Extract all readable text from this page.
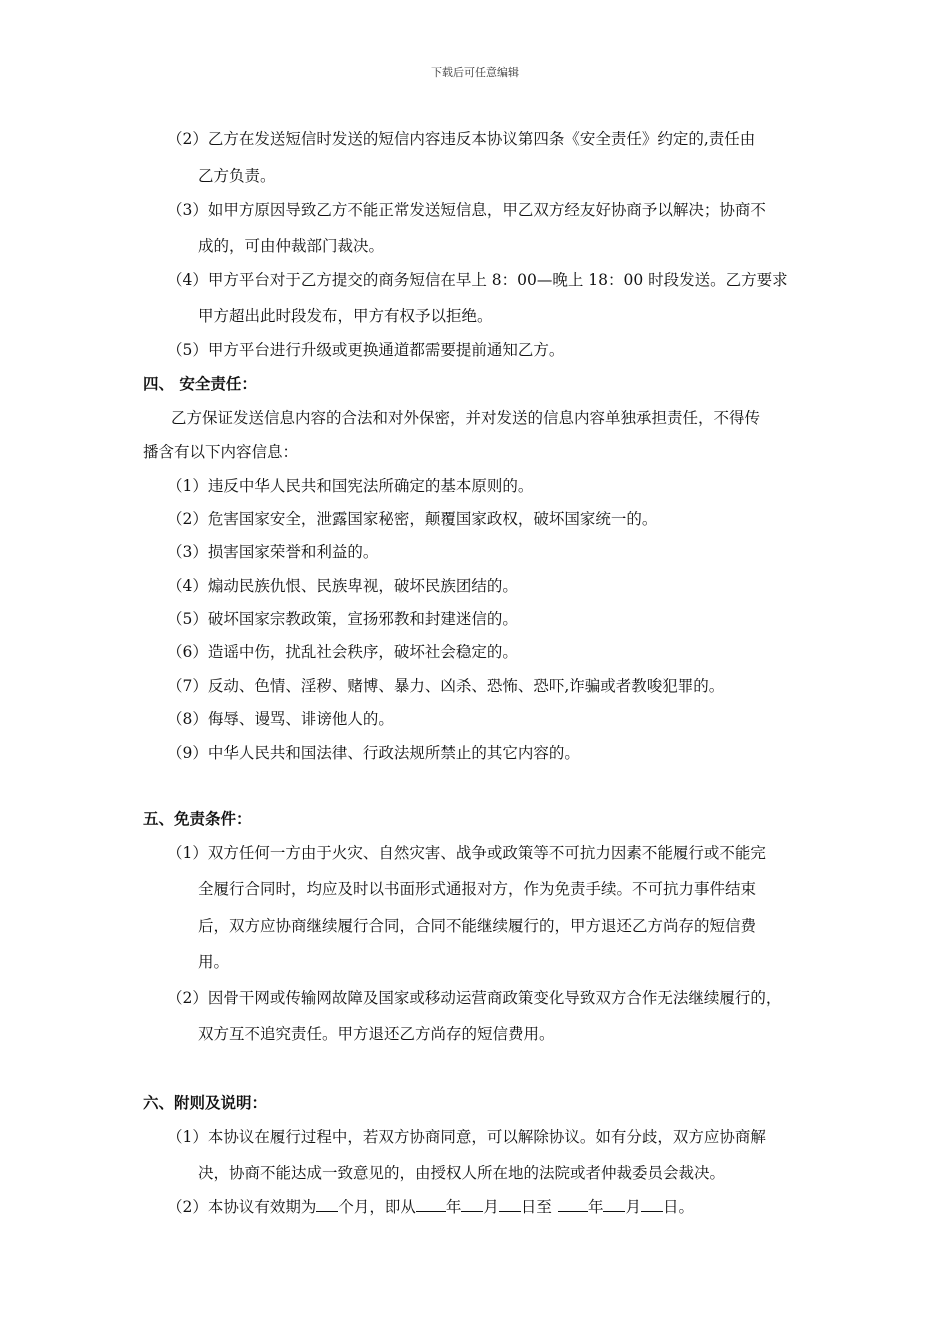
下载后可任意编辑
（2）乙方在发送短信时发送的短信内容违反本协议第四条《安全责任》约定的,责任由
乙方负责。
（3）如甲方原因导致乙方不能正常发送短信息，甲乙双方经友好协商予以解决；协商不
成的，可由仲裁部门裁决。
（4）甲方平台对于乙方提交的商务短信在早上 8：00—晚上 18：00 时段发送。乙方要求
甲方超出此时段发布，甲方有权予以拒绝。
（5）甲方平台进行升级或更换通道都需要提前通知乙方。
四、 安全责任：
乙方保证发送信息内容的合法和对外保密，并对发送的信息内容单独承担责任，不得传
播含有以下内容信息：
（1）违反中华人民共和国宪法所确定的基本原则的。
（2）危害国家安全，泄露国家秘密，颠覆国家政权，破坏国家统一的。
（3）损害国家荣誉和利益的。
（4）煽动民族仇恨、民族卑视，破坏民族团结的。
（5）破坏国家宗教政策，宣扬邪教和封建迷信的。
（6）造谣中伤，扰乱社会秩序，破坏社会稳定的。
（7）反动、色情、淫秽、赌博、暴力、凶杀、恐怖、恐吓,诈骗或者教唆犯罪的。
（8）侮辱、谩骂、诽谤他人的。
（9）中华人民共和国法律、行政法规所禁止的其它内容的。
五、免责条件：
（1）双方任何一方由于火灾、自然灾害、战争或政策等不可抗力因素不能履行或不能完
全履行合同时，均应及时以书面形式通报对方，作为免责手续。不可抗力事件结束
后，双方应协商继续履行合同，合同不能继续履行的，甲方退还乙方尚存的短信费
用。
（2）因骨干网或传输网故障及国家或移动运营商政策变化导致双方合作无法继续履行的，
双方互不追究责任。甲方退还乙方尚存的短信费用。
六、附则及说明：
（1）本协议在履行过程中，若双方协商同意，可以解除协议。如有分歧，双方应协商解
决，协商不能达成一致意见的，由授权人所在地的法院或者仲裁委员会裁决。
（2）本协议有效期为 个月，即从 年 月 日至 年 月 日。
